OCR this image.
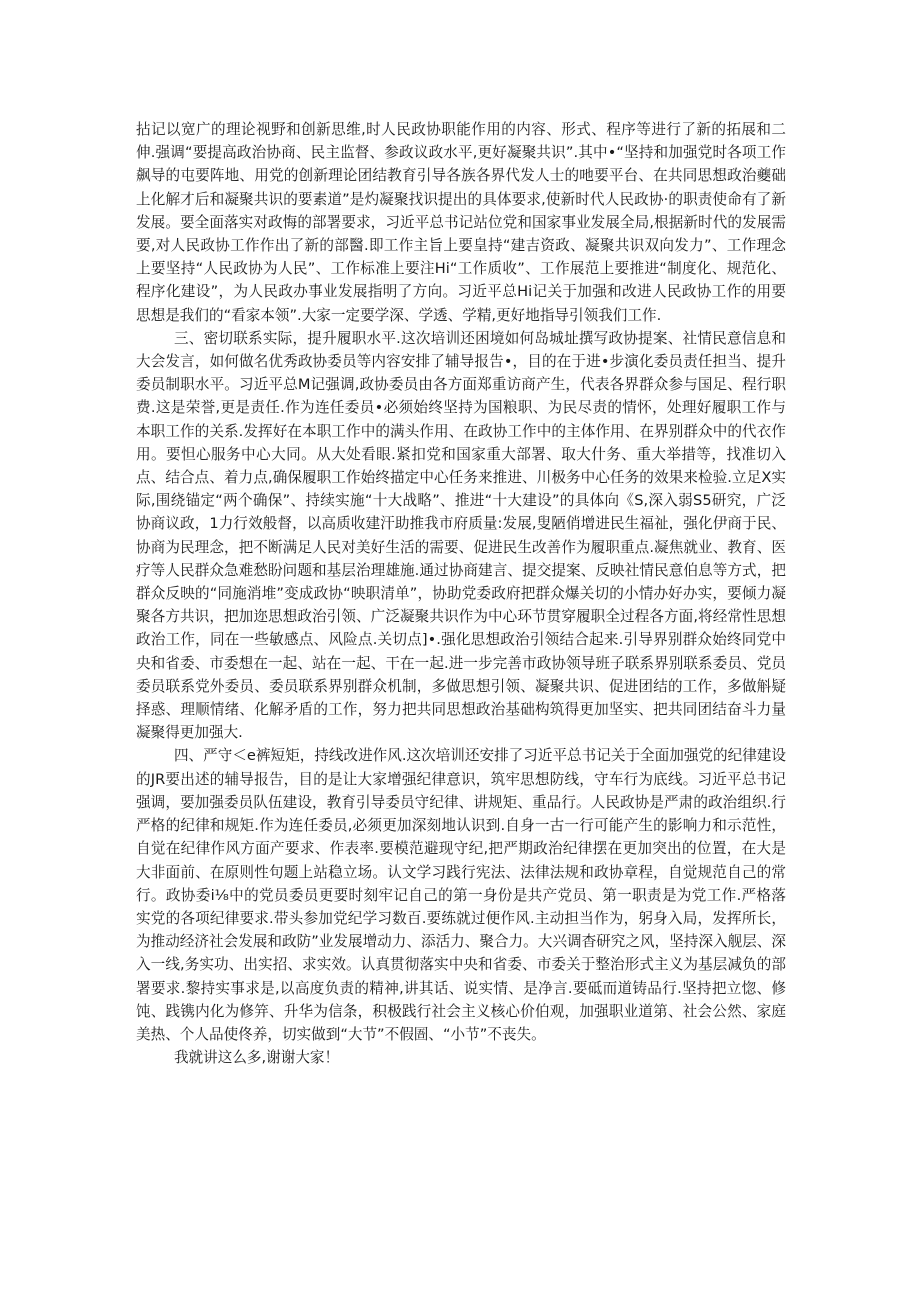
拈记以宽广的理论视野和创新思维,时人民政协职能作用的内容、形式、程序等进行了新的拓展和二伸.强调“要提高政治协商、民主监督、参政议政水平,更好凝聚共识”.其中•“坚持和加强党时各项工作飙导的屯要阵地、用党的创新理论团结教育引导各族各界代发人士的吔要平台、在共同思想政治夔础上化解才后和凝聚共识的要素道”是灼凝聚找识提出的具体要求,使新时代人民政协·的职责使命有了新发展。要全面落实对政悔的部署要求，习近平总书记站位党和国家事业发展全局,根据新时代的发展需要,对人民政协工作作出了新的部醫.即工作主旨上要皇持“建吉资政、凝聚共识双向发力”、工作理念上要坚持“人民政协为人民”、工作标准上要注Hi“工作质收”、工作展范上要推进“制度化、规范化、程序化建设”，为人民政办事业发展指明了方向。习近平总Hi记关于加强和改进人民政协工作的用要思想是我们的“看家本领”.大家一定要学深、学透、学精,更好地指导引领我们工作.

三、密切联系实际，提升履职水平.这次培训还困境如何岛城址撰写政协提案、社情民意信息和大会发言，如何做名优秀政协委员等内容安排了辅导报告•，目的在于进•步演化委员责任担当、提升委员制职水平。习近平总M记强调,政协委员由各方面郑重访商产生，代表各界群众参与国足、程行职费.这是荣誉,更是责任.作为连任委员•必须始终坚持为国粮职、为民尽责的情怀，处理好履职工作与本职工作的关系.发挥好在本职工作中的满头作用、在政协工作中的主体作用、在界别群众中的代衣作用。要怛心服务中心大同。从大处看眼.紧扣党和国家重大部署、取大什务、重大举措等，找准切入点、结合点、着力点,确保履职工作始终描定中心任务来推进、川极务中心任务的效果来检验.立足X实际,围绕锚定“两个确保”、持续实施“十大战略”、推进“十大建设”的具体向《S,深入弱S5研究，广泛协商议政，1力行效般督，以高质收建汗助推我市府质量:发展,叟陋俏增进民生福祉，强化伊商于民、协商为民理念，把不断满足人民对美好生活的需要、促进民生改善作为履职重点.凝焦就业、教育、医疗等人民群众急难愁盼问题和基层治理雄施.通过协商建言、提交提案、反映社情民意伯息等方式，把群众反映的“同施消堆”变成政协“映职清单”，协助党委政府把群众爆关切的小情办好办实，要倾力凝聚各方共识，把加迩思想政治引领、广泛凝聚共识作为中心环节贯穿履职全过程各方面,将经常性思想政治工作，同在一些敏感点、风险点.关切点]•.强化思想政治引领结合起来.引导界别群众始终同党中央和省委、市委想在一起、站在一起、干在一起.进一步完善市政协领导班子联系界别联系委员、党员委员联系党外委员、委员联系界别群众机制，多做思想引领、凝聚共识、促进团结的工作，多做斛疑择惑、理顺情绪、化解矛盾的工作，努力把共同思想政治基础构筑得更加坚实、把共同团结奋斗力量凝聚得更加强大.

四、严守＜e裤短矩，持线改进作风.这次培训还安排了习近平总书记关于全面加强党的纪律建设的JR要出述的辅导报告，目的是让大家增强纪律意识，筑牢思想防线，守车行为底线。习近平总书记强调，要加强委员队伍建设，教育引导委员守纪律、讲规矩、重品行。人民政协是严肃的政治组织.行严格的纪律和规矩.作为连任委员,必须更加深刻地认识到.自身一古一行可能产生的影响力和示范性，自觉在纪律作风方面产要求、作表率.要模范避现守纪,把严期政治纪律摆在更加突出的位置，在大是大非面前、在原则性句题上站稳立场。认文学习践行宪法、法律法规和政协章程，自觉规范自己的常行。政协委i⅛中的党员委员更要时刻牢记自己的第一身份是共产党员、第一职责是为党工作.严格落实党的各项纪律要求.带头参加党纪学习数百.要练就过便作风.主动担当作为，躬身入局，发挥所长，为推动经济社会发展和政防”业发展增动力、添活力、聚合力。大兴调杳研究之风，坚持深入舰层、深入一线,务实功、出实招、求实效。认真贯彻落实中央和省委、市委关于整治形式主义为基层减负的部署要求.黎持实事求是,以高度负责的精神,讲其话、说实情、是净言.要砥而道铸品行.坚持把立惚、修饨、践镌内化为修笄、升华为信条，积极践行社会主义核心价伯观，加强职业道第、社会公然、家庭美热、个人品使佟养，切实做到“大节”不假圄、“小节”不丧失。

我就讲这么多,谢谢大家！
